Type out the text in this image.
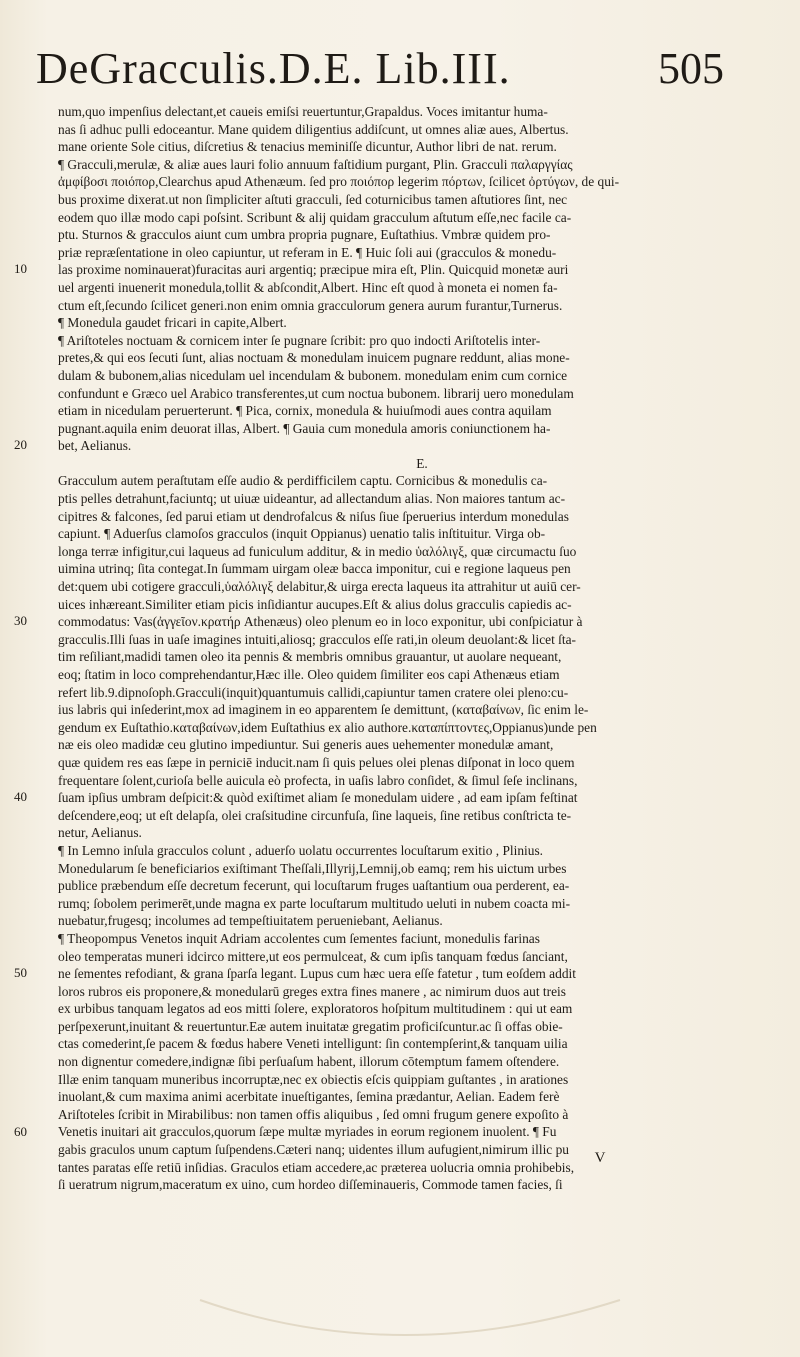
DeGracculis.D.E. Lib.III.	505
num,quo impenſius delectant,et caueis emiſsi reuertuntur,Grapaldus. Voces imitantur huma-
nas ſi adhuc pulli edoceantur. Mane quidem diligentius addiſcunt, ut omnes aliæ aues, Albertus.
mane oriente Sole citius, diſcretius & tenacius meminiſſe dicuntur, Author libri de nat. rerum.
¶ Gracculi,merulæ, & aliæ aues lauri folio annuum faſtidium purgant, Plin. Gracculi παλαργγίας
ἀμφίβοσι ποιόπορ,Clearchus apud Athenæum. ſed pro ποιόπορ legerim πόρτων, ſcilicet ὀρτύγων, de qui-
bus proxime dixerat.ut non ſimpliciter aſtuti gracculi, ſed coturnicibus tamen aſtutiores ſint, nec
eodem quo illæ modo capi poſsint. Scribunt & alij quidam gracculum aſtutum eſſe,nec facile ca-
ptu. Sturnos & gracculos aiunt cum umbra propria pugnare, Euſtathius. Vmbræ quidem pro-
priæ repræſentatione in oleo capiuntur, ut referam in E. ¶ Huic ſoli aui (gracculos & monedu-
las proxime nominauerat)furacitas auri argentiq; præcipue mira eſt, Plin. Quicquid monetæ auri
uel argenti inuenerit monedula,tollit & abſcondit,Albert. Hinc eſt quod à moneta ei nomen fa-
ctum eſt,ſecundo ſcilicet generi.non enim omnia gracculorum genera aurum furantur,Turnerus.
¶ Monedula gaudet fricari in capite,Albert.
¶ Ariſtoteles noctuam & cornicem inter ſe pugnare ſcribit: pro quo indocti Ariſtotelis inter-
pretes,& qui eos ſecuti ſunt, alias noctuam & monedulam inuicem pugnare reddunt, alias mone-
dulam & bubonem,alias nicedulam uel incendulam & bubonem. monedulam enim cum cornice
confundunt e Græco uel Arabico transferentes,ut cum noctua bubonem. librarij uero monedulam
etiam in nicedulam peruerterunt. ¶ Pica, cornix, monedula & huiuſmodi aues contra aquilam
pugnant.aquila enim deuorat illas, Albert. ¶ Gauia cum monedula amoris coniunctionem ha-
bet, Aelianus.
E.
Gracculum autem peraſtutam eſſe audio & perdifficilem captu. Cornicibus & monedulis ca-
ptis pelles detrahunt,faciuntq; ut uiuæ uideantur, ad allectandum alias. Non maiores tantum ac-
cipitres & falcones, ſed parui etiam ut dendrofalcus & niſus ſiue ſperuerius interdum monedulas
capiunt. ¶ Aduerſus clamoſos gracculos (inquit Oppianus) uenatio talis inſtituitur. Virga ob-
longa terræ infigitur,cui laqueus ad funiculum additur, & in medio ὑαλόλιγξ, quæ circumactu ſuo
uimina utrinq; ſita contegat.In ſummam uirgam oleæ bacca imponitur, cui e regione laqueus pen
det:quem ubi cotigere gracculi,ὑαλόλιγξ delabitur,& uirga erecta laqueus ita attrahitur ut auiū cer-
uices inhæreant.Similiter etiam picis inſidiantur aucupes.Eſt & alius dolus gracculis capiedis ac-
commodatus: Vas(ἀγγεῖον.κρατήρ Athenæus) oleo plenum eo in loco exponitur, ubi conſpiciatur à
gracculis.Illi ſuas in uaſe imagines intuiti,aliosq; gracculos eſſe rati,in oleum deuolant:& licet ſta-
tim reſiliant,madidi tamen oleo ita pennis & membris omnibus grauantur, ut auolare nequeant,
eoq; ſtatim in loco comprehendantur,Hæc ille. Oleo quidem ſimiliter eos capi Athenæus etiam
refert lib.9.dipnoſoph.Gracculi(inquit)quantumuis callidi,capiuntur tamen cratere olei pleno:cu-
ius labris qui inſederint,mox ad imaginem in eo apparentem ſe demittunt, (καταβαίνων, ſic enim le-
gendum ex Euſtathio.καταβαίνων,idem Euſtathius ex alio authore.καταπίπτοντες,Oppianus)unde pen
næ eis oleo madidæ ceu glutino impediuntur. Sui generis aues uehementer monedulæ amant,
quæ quidem res eas ſæpe in perniciē inducit.nam ſi quis pelues olei plenas diſponat in loco quem
frequentare ſolent,curioſa belle auicula eò profecta, in uaſis labro conſidet, & ſimul ſeſe inclinans,
ſuam ipſius umbram deſpicit:& quòd exiſtimet aliam ſe monedulam uidere , ad eam ipſam feſtinat
deſcendere,eoq; ut eſt delapſa, olei craſsitudine circunfuſa, ſine laqueis, ſine retibus conſtricta te-
netur, Aelianus.
¶ In Lemno inſula gracculos colunt , aduerſo uolatu occurrentes locuſtarum exitio , Plinius.
Monedularum ſe beneficiarios exiſtimant Theſſali,Illyrij,Lemnij,ob eamq; rem his uictum urbes
publice præbendum eſſe decretum fecerunt, qui locuſtarum fruges uaſtantium oua perderent, ea-
rumq; ſobolem perimerēt,unde magna ex parte locuſtarum multitudo ueluti in nubem coacta mi-
nuebatur,frugesq; incolumes ad tempeſtiuitatem perueniebant, Aelianus.
¶ Theopompus Venetos inquit Adriam accolentes cum ſementes faciunt, monedulis farinas
oleo temperatas muneri idcirco mittere,ut eos permulceat, & cum ipſis tanquam fœdus ſanciant,
ne ſementes refodiant, & grana ſparſa legant. Lupus cum hæc uera eſſe fatetur , tum eoſdem addit
loros rubros eis proponere,& monedularū greges extra fines manere , ac nimirum duos aut treis
ex urbibus tanquam legatos ad eos mitti ſolere, exploratoros hoſpitum multitudinem : qui ut eam
perſpexerunt,inuitant & reuertuntur.Eæ autem inuitatæ gregatim proficiſcuntur.ac ſi offas obie-
ctas comederint,ſe pacem & fœdus habere Veneti intelligunt: ſin contempſerint,& tanquam uilia
non dignentur comedere,indignæ ſibi perſuaſum habent, illorum cōtemptum famem oſtendere.
Illæ enim tanquam muneribus incorruptæ,nec ex obiectis eſcis quippiam guſtantes , in arationes
inuolant,& cum maxima animi acerbitate inueſtigantes, ſemina prædantur, Aelian. Eadem ferè
Ariſtoteles ſcribit in Mirabilibus: non tamen offis aliquibus , ſed omni frugum genere expoſito à
Venetis inuitari ait gracculos,quorum ſæpe multæ myriades in eorum regionem inuolent. ¶ Fu
gabis graculos unum captum ſuſpendens.Cæteri nanq; uidentes illum aufugient,nimirum illic pu
tantes paratas eſſe retiū inſidias. Graculos etiam accedere,ac præterea uolucria omnia prohibebis,
ſi ueratrum nigrum,maceratum ex uino, cum hordeo diſſeminaueris, Commode tamen facies, ſi
10
20
30
40
50
60
V
